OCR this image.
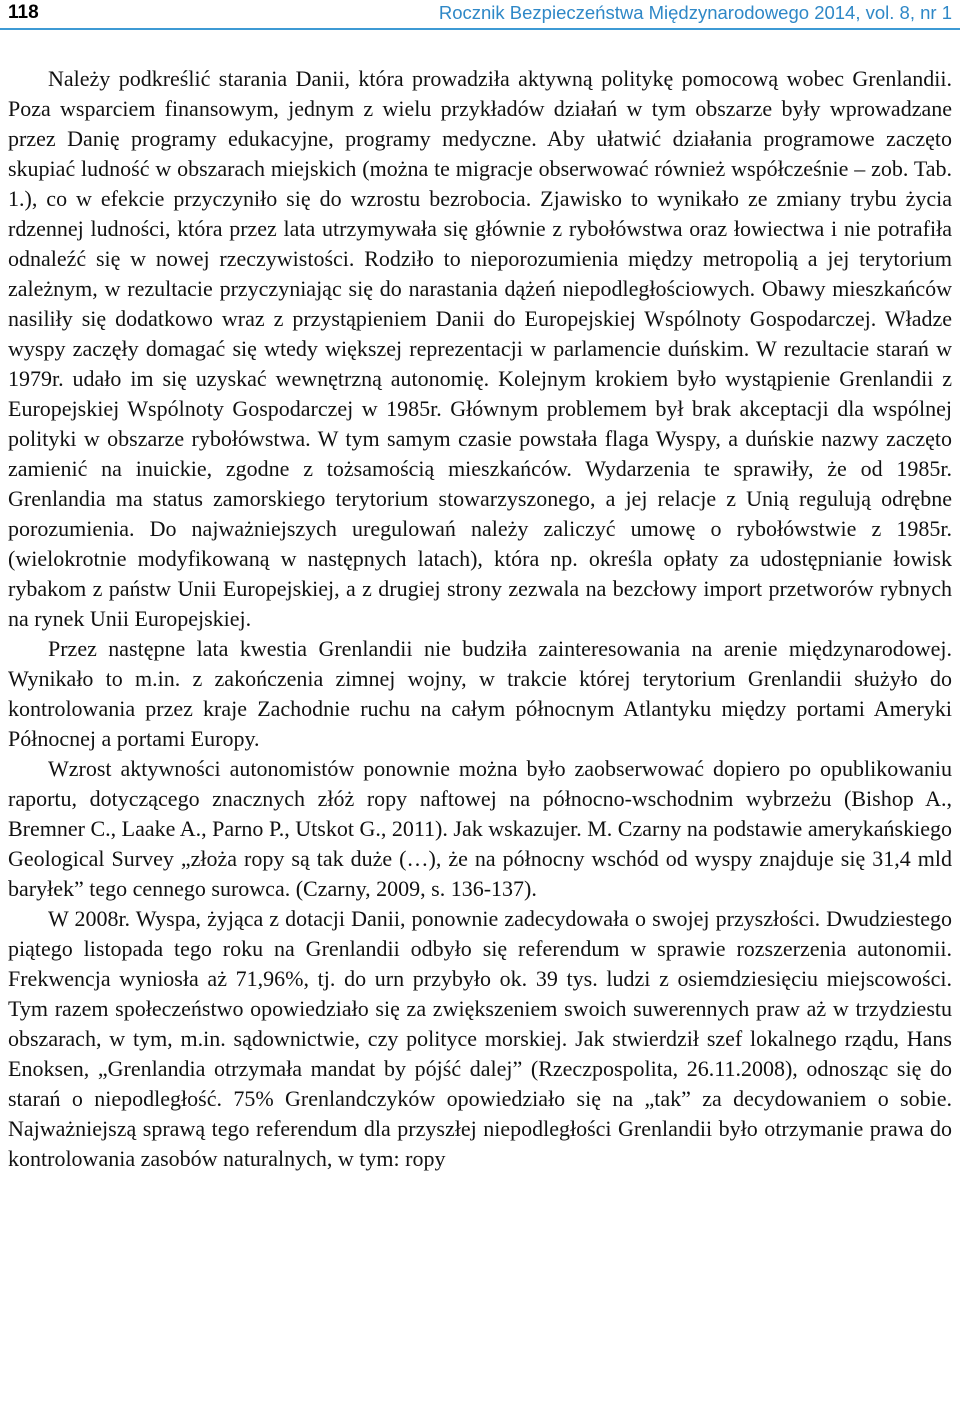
118	Rocznik Bezpieczeństwa Międzynarodowego 2014, vol. 8, nr 1

Należy podkreślić starania Danii, która prowadziła aktywną politykę pomocową wobec Grenlandii. Poza wsparciem finansowym, jednym z wielu przykładów działań w tym obszarze były wprowadzane przez Danię programy edukacyjne, programy medyczne. Aby ułatwić działania programowe zaczęto skupiać ludność w obszarach miejskich (można te migracje obserwować również współcześnie – zob. Tab. 1.), co w efekcie przyczyniło się do wzrostu bezrobocia. Zjawisko to wynikało ze zmiany trybu życia rdzennej ludności, która przez lata utrzymywała się głównie z rybołówstwa oraz łowiectwa i nie potrafiła odnaleźć się w nowej rzeczywistości. Rodziło to nieporozumienia między metropolią a jej terytorium zależnym, w rezultacie przyczyniając się do narastania dążeń niepodległościowych. Obawy mieszkańców nasiliły się dodatkowo wraz z przystąpieniem Danii do Europejskiej Wspólnoty Gospodarczej. Władze wyspy zaczęły domagać się wtedy większej reprezentacji w parlamencie duńskim. W rezultacie starań w 1979r. udało im się uzyskać wewnętrzną autonomię. Kolejnym krokiem było wystąpienie Grenlandii z Europejskiej Wspólnoty Gospodarczej w 1985r. Głównym problemem był brak akceptacji dla wspólnej polityki w obszarze rybołówstwa. W tym samym czasie powstała flaga Wyspy, a duńskie nazwy zaczęto zamienić na inuickie, zgodne z tożsamością mieszkańców. Wydarzenia te sprawiły, że od 1985r. Grenlandia ma status zamorskiego terytorium stowarzyszonego, a jej relacje z Unią regulują odrębne porozumienia. Do najważniejszych uregulowań należy zaliczyć umowę o rybołówstwie z 1985r. (wielokrotnie modyfikowaną w następnych latach), która np. określa opłaty za udostępnianie łowisk rybakom z państw Unii Europejskiej, a z drugiej strony zezwala na bezcłowy import przetworów rybnych na rynek Unii Europejskiej.

Przez następne lata kwestia Grenlandii nie budziła zainteresowania na arenie międzynarodowej. Wynikało to m.in. z zakończenia zimnej wojny, w trakcie której terytorium Grenlandii służyło do kontrolowania przez kraje Zachodnie ruchu na całym północnym Atlantyku między portami Ameryki Północnej a portami Europy.

Wzrost aktywności autonomistów ponownie można było zaobserwować dopiero po opublikowaniu raportu, dotyczącego znacznych złóż ropy naftowej na północno-wschodnim wybrzeżu (Bishop A., Bremner C., Laake A., Parno P., Utskot G., 2011). Jak wskazujer. M. Czarny na podstawie amerykańskiego Geological Survey „złoża ropy są tak duże (…), że na północny wschód od wyspy znajduje się 31,4 mld baryłek” tego cennego surowca. (Czarny, 2009, s. 136-137).

W 2008r. Wyspa, żyjąca z dotacji Danii, ponownie zadecydowała o swojej przyszłości. Dwudziestego piątego listopada tego roku na Grenlandii odbyło się referendum w sprawie rozszerzenia autonomii. Frekwencja wyniosła aż 71,96%, tj. do urn przybyło ok. 39 tys. ludzi z osiemdziesięciu miejscowości. Tym razem społeczeństwo opowiedziało się za zwiększeniem swoich suwerennych praw aż w trzydziestu obszarach, w tym, m.in. sądownictwie, czy polityce morskiej. Jak stwierdził szef lokalnego rządu, Hans Enoksen, „Grenlandia otrzymała mandat by pójść dalej” (Rzeczpospolita, 26.11.2008), odnosząc się do starań o niepodległość. 75% Grenlandczyków opowiedziało się na „tak” za decydowaniem o sobie. Najważniejszą sprawą tego referendum dla przyszłej niepodległości Grenlandii było otrzymanie prawa do kontrolowania zasobów naturalnych, w tym: ropy
